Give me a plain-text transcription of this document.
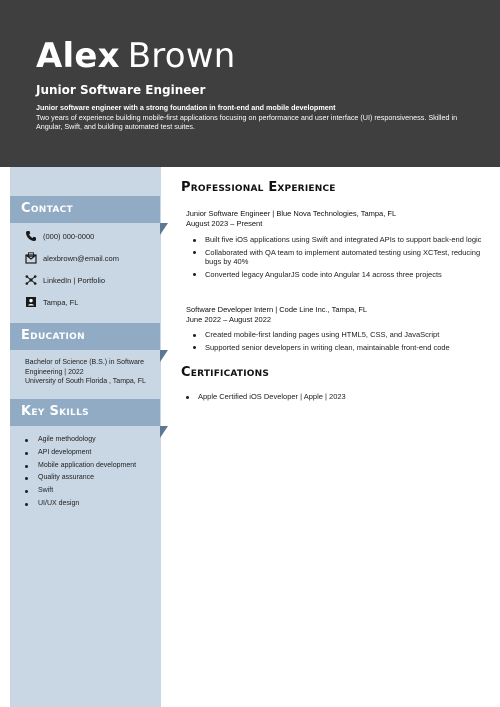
Alex Brown
Junior Software Engineer
Junior software engineer with a strong foundation in front-end and mobile development
Two years of experience building mobile-first applications focusing on performance and user interface (UI) responsiveness. Skilled in Angular, Swift, and building automated test suites.
Contact
(000) 000-0000
alexbrown@email.com
LinkedIn | Portfolio
Tampa, FL
Education
Bachelor of Science (B.S.) in Software
Engineering | 2022
University of South Florida , Tampa, FL
Key Skills
Agile methodology
API development
Mobile application development
Quality assurance
Swift
UI/UX design
Professional Experience
Junior Software Engineer | Blue Nova Technologies, Tampa, FL
August 2023 – Present
Built five iOS applications using Swift and integrated APIs to support back-end logic
Collaborated with QA team to implement automated testing using XCTest, reducing bugs by 40%
Converted legacy AngularJS code into Angular 14 across three projects
Software Developer Intern | Code Line Inc., Tampa, FL
June 2022 – August 2022
Created mobile-first landing pages using HTML5, CSS, and JavaScript
Supported senior developers in writing clean, maintainable front-end code
Certifications
Apple Certified iOS Developer | Apple | 2023
